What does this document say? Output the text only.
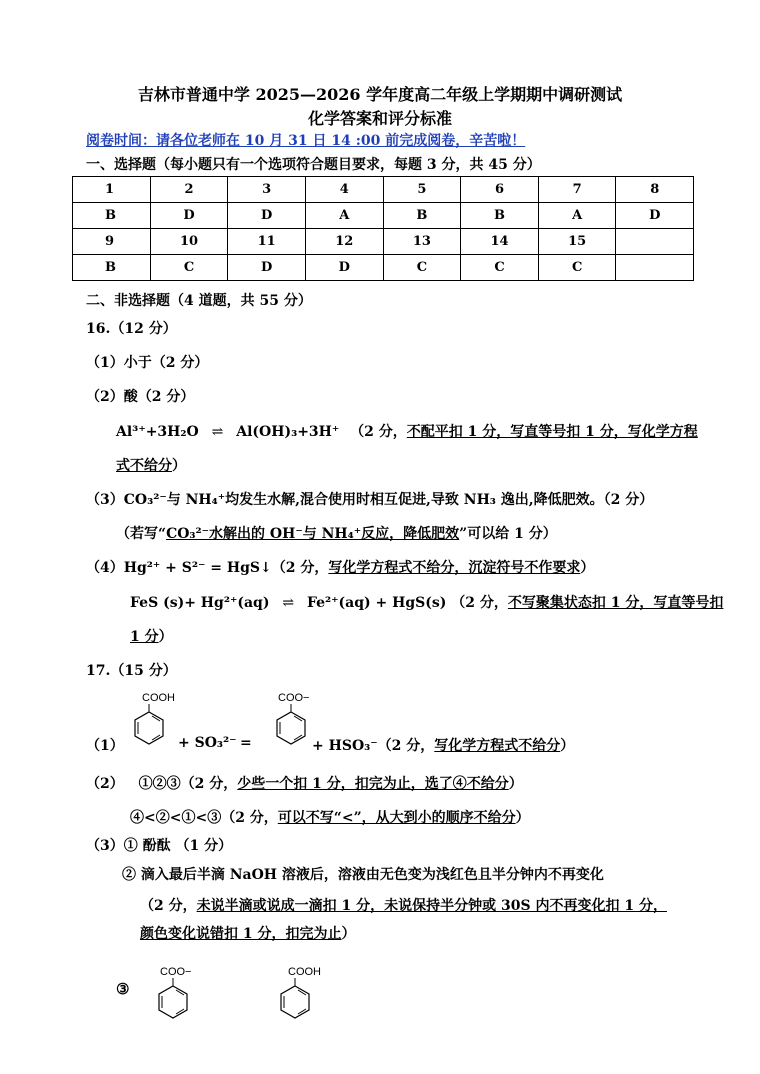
吉林市普通中学 2025—2026 学年度高二年级上学期期中调研测试
化学答案和评分标准
阅卷时间：请各位老师在 10 月 31 日 14 :00 前完成阅卷，辛苦啦！
一、选择题（每小题只有一个选项符合题目要求，每题 3 分，共 45 分）
1	2	3	4	5	6	7	8
B	D	D	A	B	B	A	D
9	10	11	12	13	14	15	
B	C	D	D	C	C	C	
二、非选择题（4 道题，共 55 分）
16.（12 分）
（1）小于（2 分）
（2）酸（2 分）
Al³⁺+3H₂O ⇌ Al(OH)₃+3H⁺ （2 分，不配平扣 1 分，写直等号扣 1 分，写化学方程
式不给分）
（3）CO₃²⁻与 NH₄⁺均发生水解,混合使用时相互促进,导致 NH₃ 逸出,降低肥效。（2 分）
（若写“CO₃²⁻水解出的 OH⁻与 NH₄⁺反应，降低肥效”可以给 1 分）
（4）Hg²⁺ + S²⁻ = HgS↓（2 分，写化学方程式不给分，沉淀符号不作要求）
FeS (s)+ Hg²⁺(aq) ⇌ Fe²⁺(aq) + HgS(s) （2 分，不写聚集状态扣 1 分，写直等号扣
1 分）
17.（15 分）
COOH
（1）	+ SO₃²⁻ =
COO−
+ HSO₃⁻（2 分，写化学方程式不给分）
（2） ①②③（2 分，少些一个扣 1 分，扣完为止，选了④不给分）
④<②<①<③（2 分，可以不写“<”，从大到小的顺序不给分）
（3）① 酚酞 （1 分）
② 滴入最后半滴 NaOH 溶液后，溶液由无色变为浅红色且半分钟内不再变化
（2 分，未说半滴或说成一滴扣 1 分，未说保持半分钟或 30S 内不再变化扣 1 分，
颜色变化说错扣 1 分，扣完为止）
③
COO−	COOH
